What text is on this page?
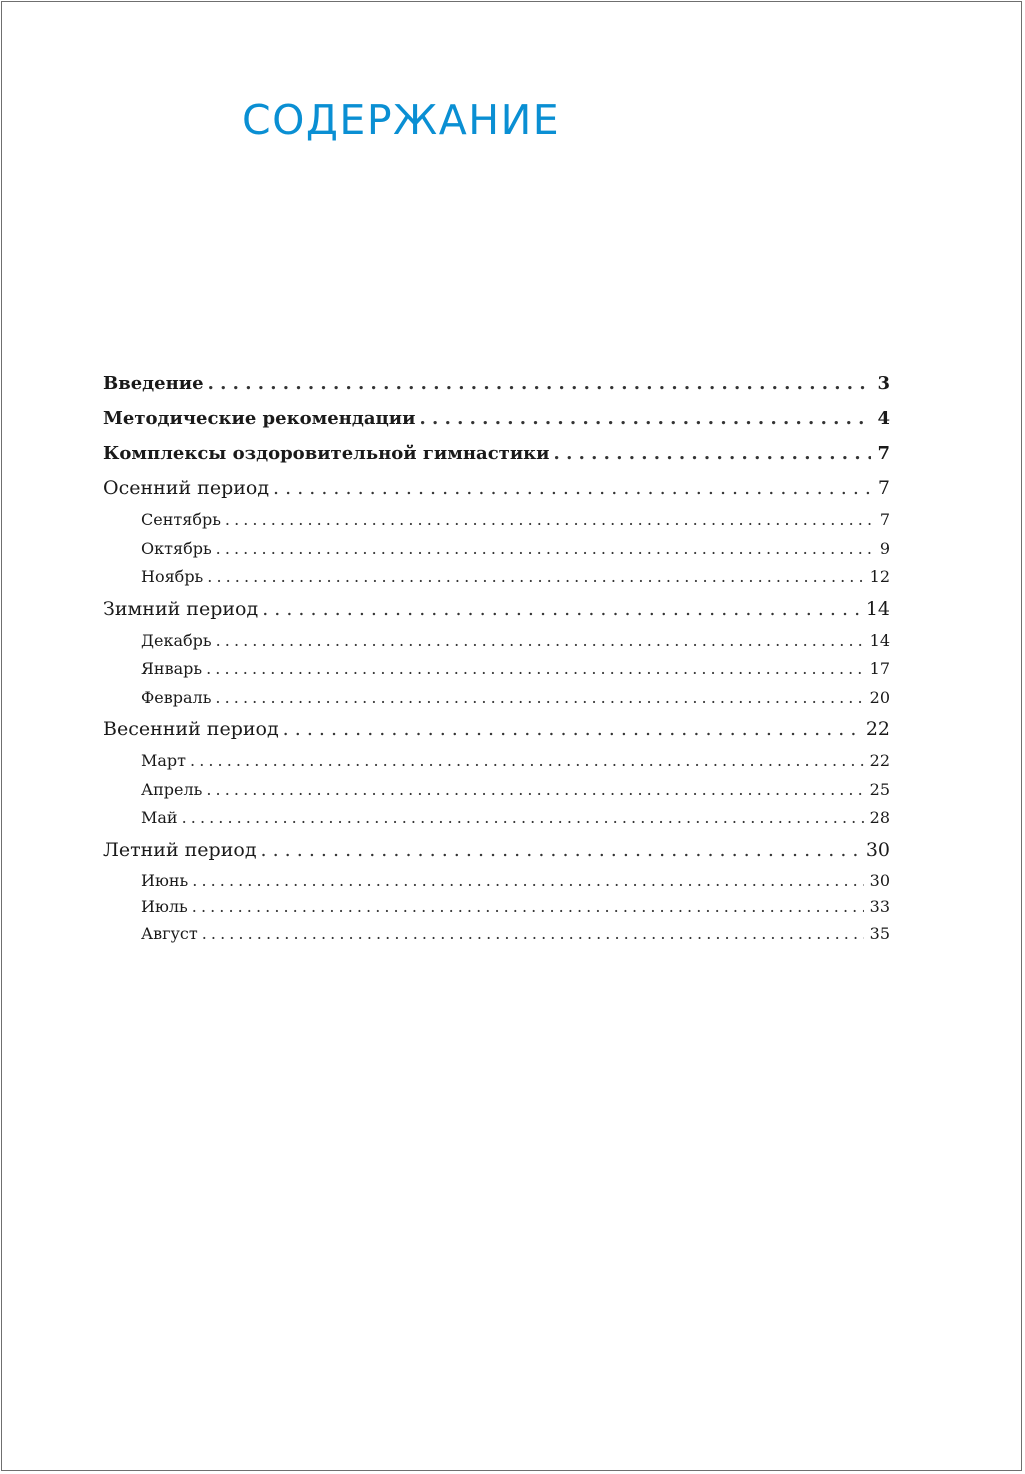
СОДЕРЖАНИЕ
Введение . . .	3
Методические рекомендации . . .	4
Комплексы оздоровительной гимнастики . . .	7
Осенний период . . .	7
Сентябрь . . .	7
Октябрь . . .	9
Ноябрь . . .	12
Зимний период . . .	14
Декабрь . . .	14
Январь . . .	17
Февраль . . .	20
Весенний период . . .	22
Март . . .	22
Апрель . . .	25
Май . . .	28
Летний период . . .	30
Июнь . . .	30
Июль . . .	33
Август . . .	35
